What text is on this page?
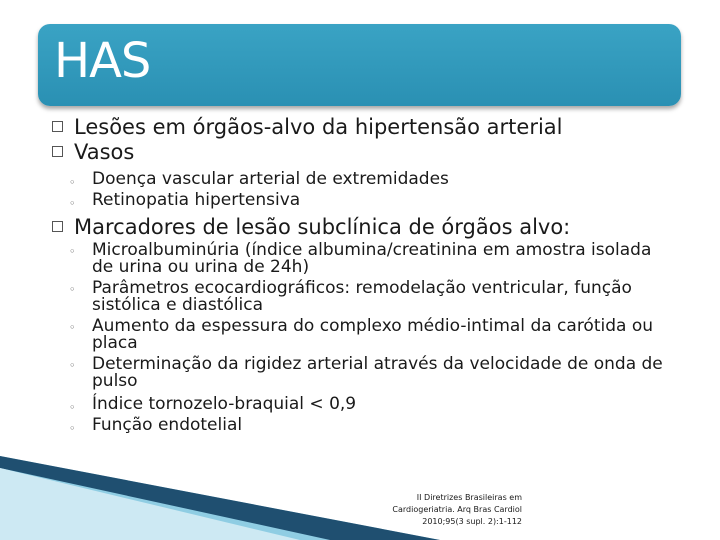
HAS
Lesões em órgãos-alvo da hipertensão arterial
Vasos
◦ Doença vascular arterial de extremidades
◦ Retinopatia hipertensiva
Marcadores de lesão subclínica de órgãos alvo:
◦ Microalbuminúria (índice albumina/creatinina em amostra isolada de urina ou urina de 24h)
◦ Parâmetros ecocardiográficos: remodelação ventricular, função sistólica e diastólica
◦ Aumento da espessura do complexo médio-intimal da carótida ou placa
◦ Determinação da rigidez arterial através da velocidade de onda de pulso
◦ Índice tornozelo-braquial < 0,9
◦ Função endotelial
II Diretrizes Brasileiras em
Cardiogeriatria. Arq Bras Cardiol
2010;95(3 supl. 2):1-112
